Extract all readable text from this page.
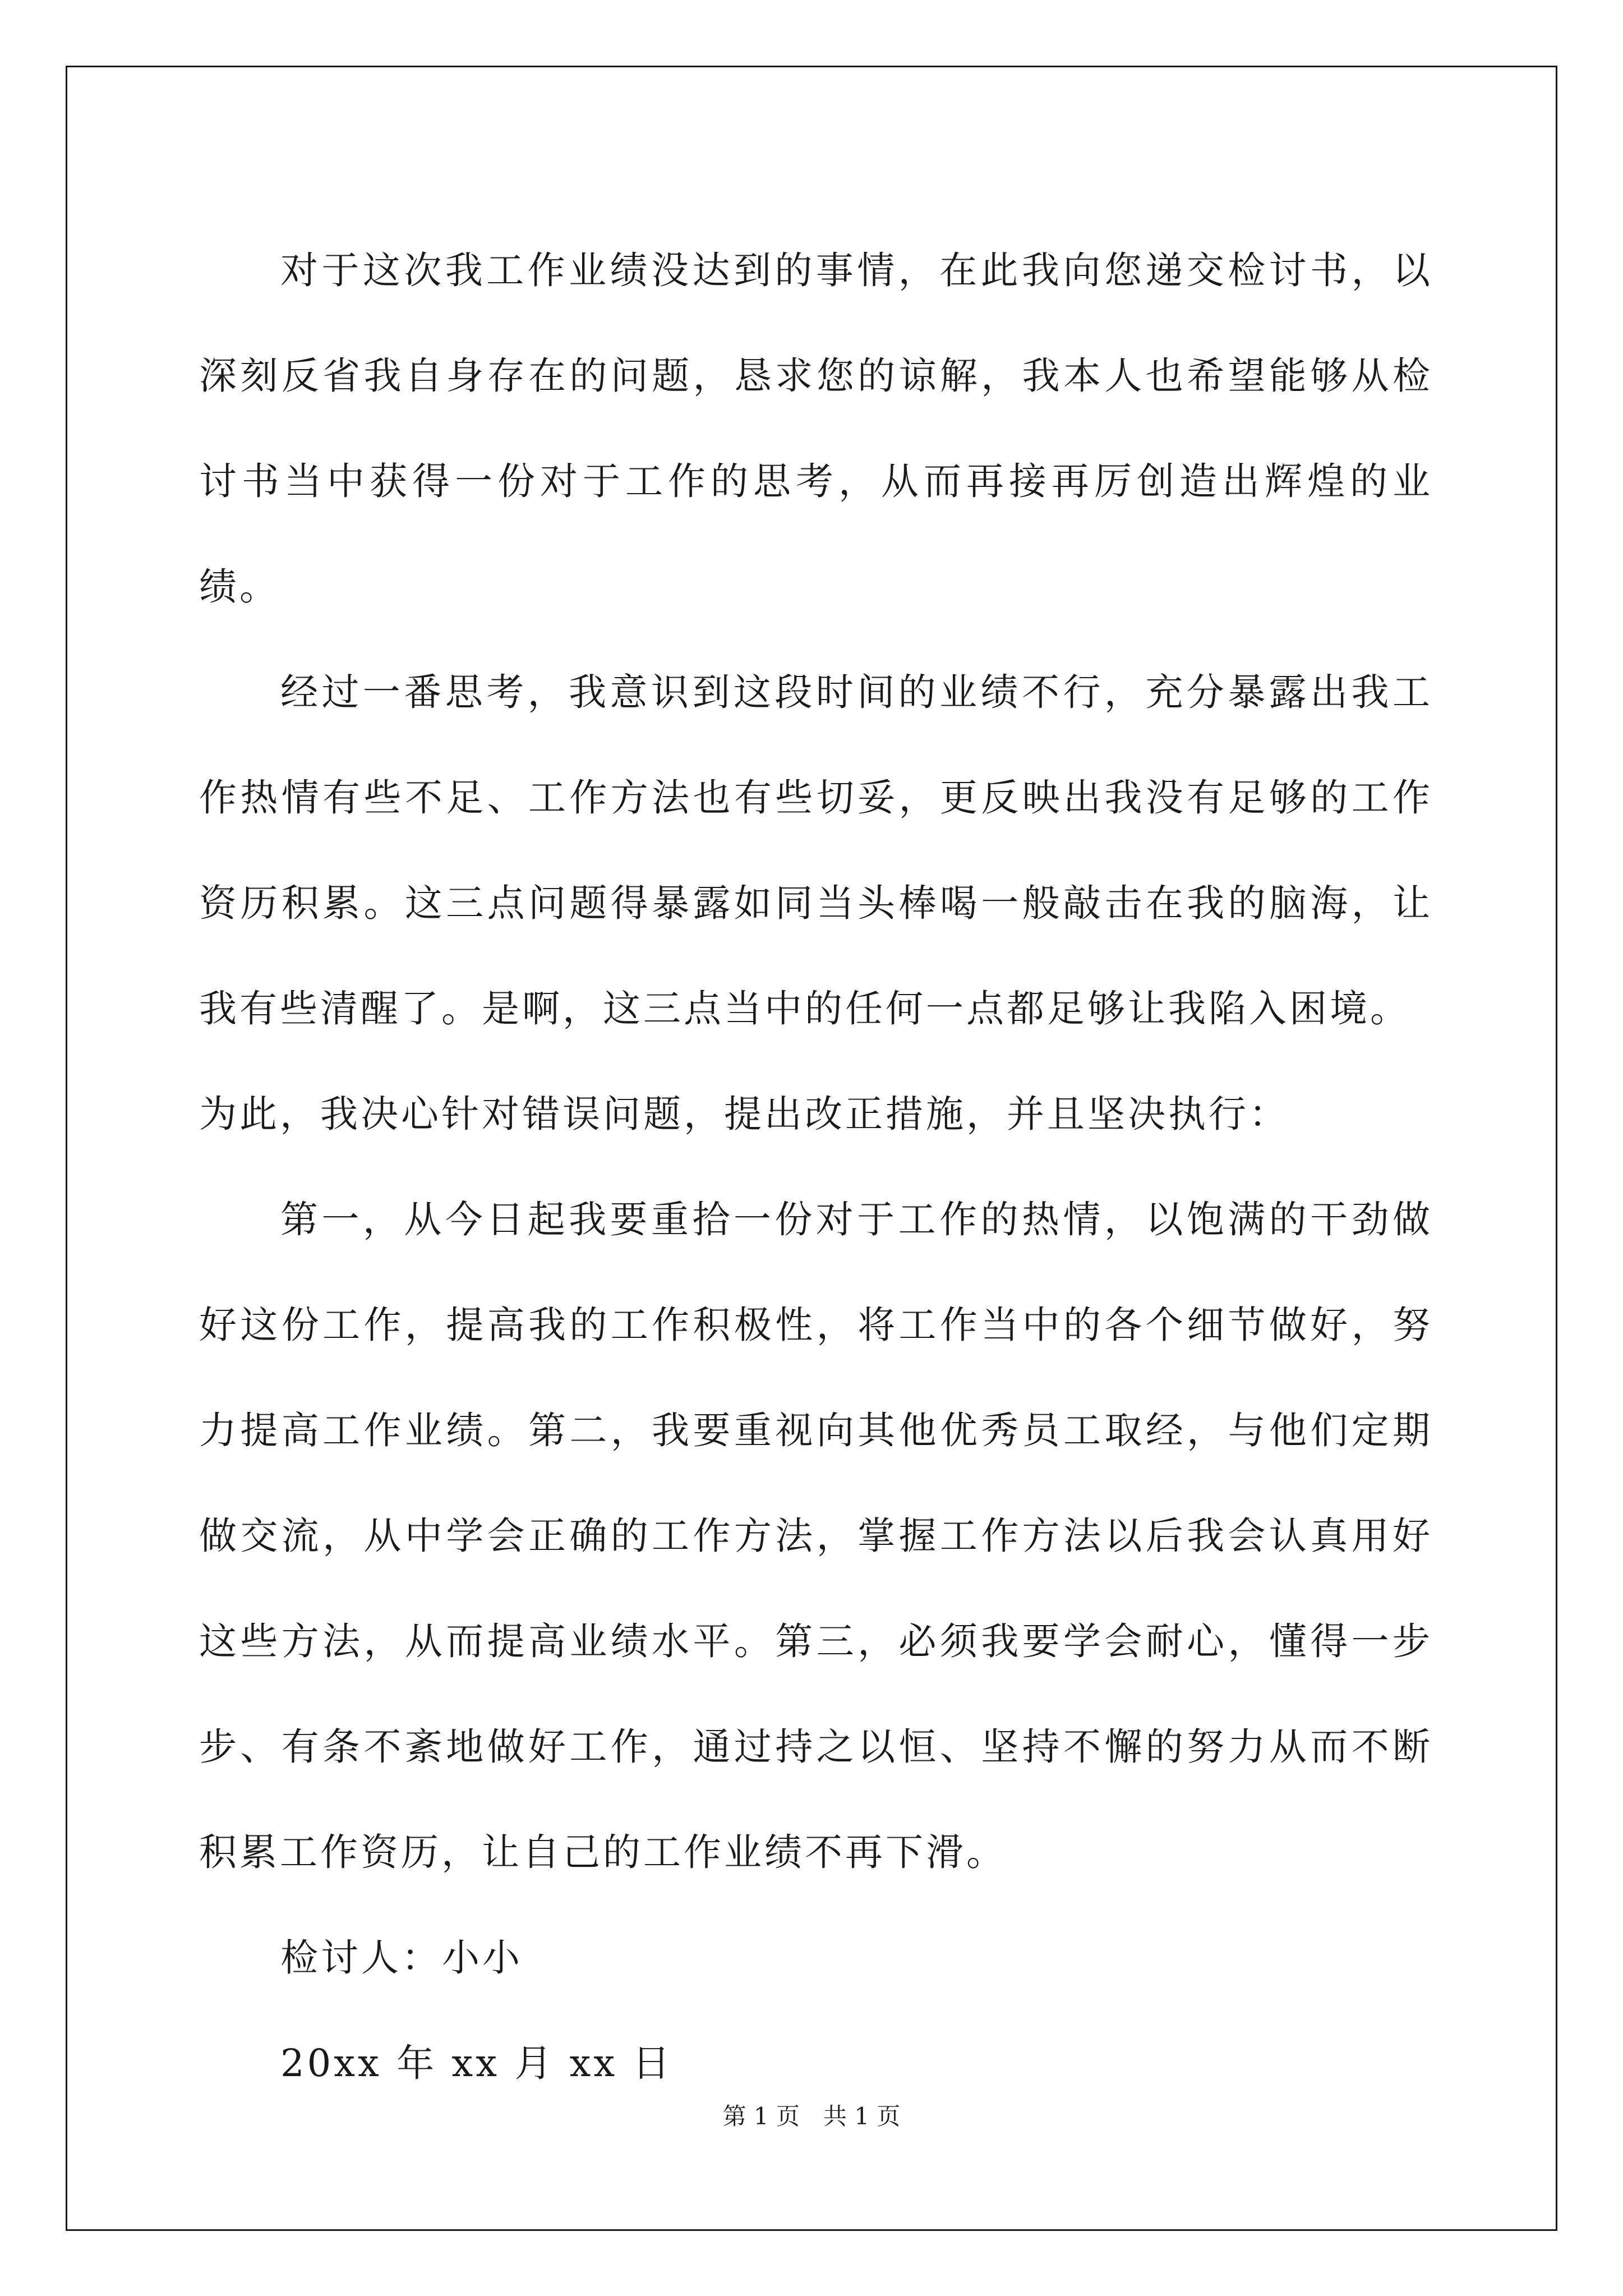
对于这次我工作业绩没达到的事情，在此我向您递交检讨书，以深刻反省我自身存在的问题，恳求您的谅解，我本人也希望能够从检讨书当中获得一份对于工作的思考，从而再接再厉创造出辉煌的业绩。

经过一番思考，我意识到这段时间的业绩不行，充分暴露出我工作热情有些不足、工作方法也有些切妥，更反映出我没有足够的工作资历积累。这三点问题得暴露如同当头棒喝一般敲击在我的脑海，让我有些清醒了。是啊，这三点当中的任何一点都足够让我陷入困境。

为此，我决心针对错误问题，提出改正措施，并且坚决执行：

第一，从今日起我要重拾一份对于工作的热情，以饱满的干劲做好这份工作，提高我的工作积极性，将工作当中的各个细节做好，努力提高工作业绩。第二，我要重视向其他优秀员工取经，与他们定期做交流，从中学会正确的工作方法，掌握工作方法以后我会认真用好这些方法，从而提高业绩水平。第三，必须我要学会耐心，懂得一步步、有条不紊地做好工作，通过持之以恒、坚持不懈的努力从而不断积累工作资历，让自己的工作业绩不再下滑。

检讨人：小小

20xx 年 xx 月 xx 日

第 1 页 共 1 页
